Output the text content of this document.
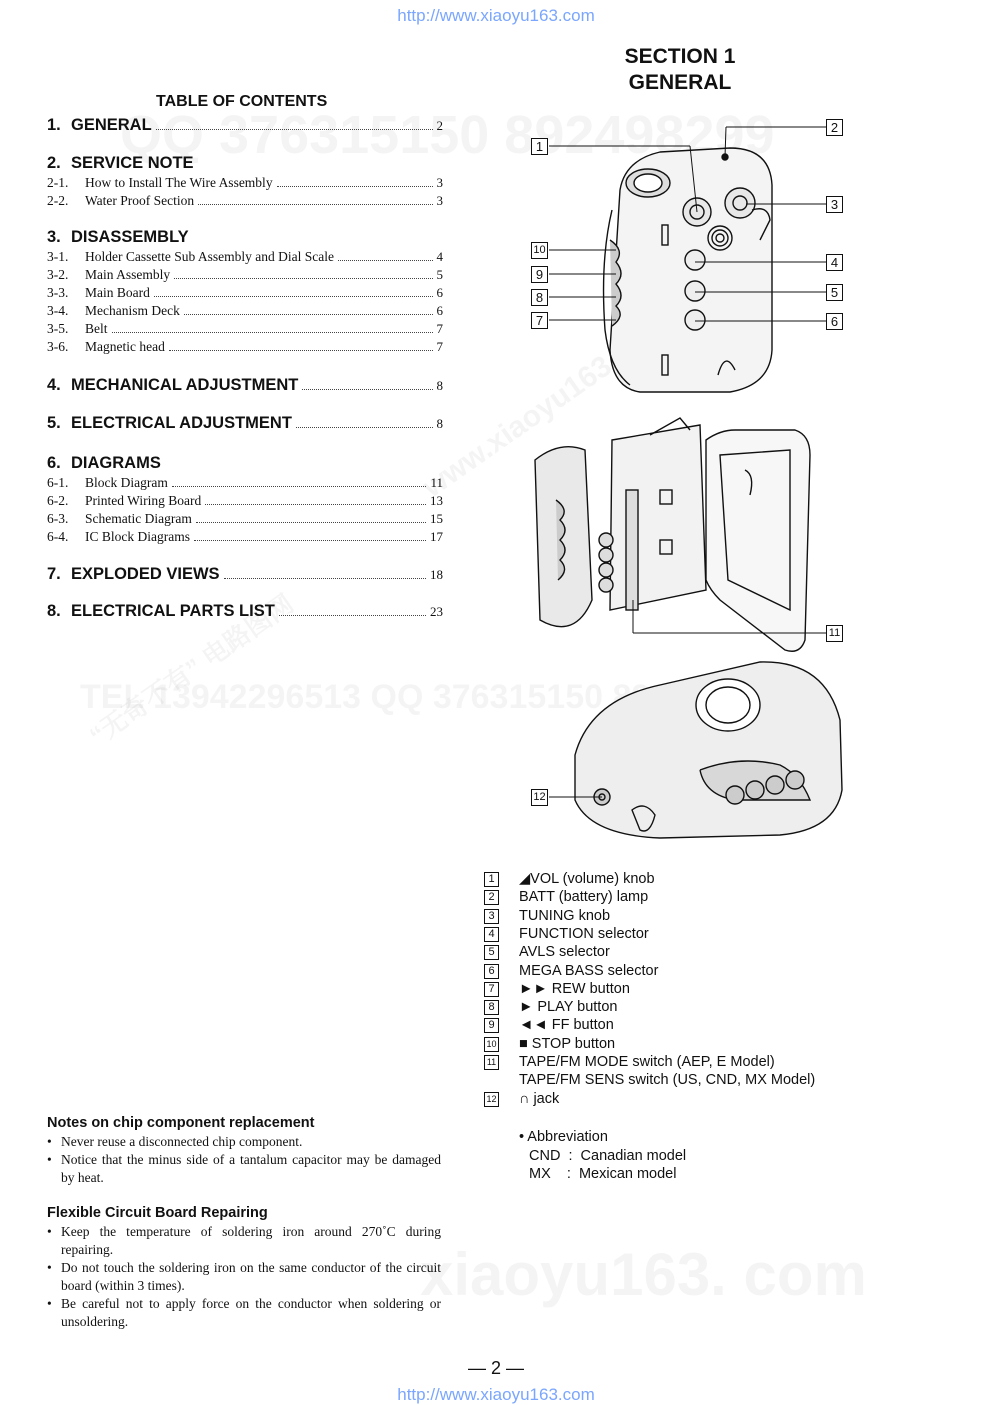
http://www.xiaoyu163.com
http://www.xiaoyu163.com
TABLE OF CONTENTS
1. GENERAL	2
2. SERVICE NOTE
2-1.	How to Install The Wire Assembly	3
2-2.	Water Proof Section	3
3. DISASSEMBLY
3-1.	Holder Cassette Sub Assembly and Dial Scale	4
3-2.	Main Assembly	5
3-3.	Main Board	6
3-4.	Mechanism Deck	6
3-5.	Belt	7
3-6.	Magnetic head	7
4. MECHANICAL ADJUSTMENT	8
5. ELECTRICAL ADJUSTMENT	8
6. DIAGRAMS
6-1.	Block Diagram	11
6-2.	Printed Wiring Board	13
6-3.	Schematic Diagram	15
6-4.	IC Block Diagrams	17
7. EXPLODED VIEWS	18
8. ELECTRICAL PARTS LIST	23
SECTION 1
GENERAL
1
2
3
4
5
6
7
8
9
10
11
12
1	◢VOL (volume) knob
2	BATT (battery) lamp
3	TUNING knob
4	FUNCTION selector
5	AVLS selector
6	MEGA BASS selector
7	►► REW button
8	► PLAY button
9	◄◄ FF button
10 ■ STOP button
11 TAPE/FM MODE switch (AEP, E Model)
TAPE/FM SENS switch (US, CND, MX Model)
12 ∩ jack
• Abbreviation
CND  :  Canadian model
MX    :  Mexican model
Notes on chip component replacement
• Never reuse a disconnected chip component.
• Notice that the minus side of a tantalum capacitor may be damaged by heat.
Flexible Circuit Board Repairing
• Keep the temperature of soldering iron around 270˚C during repairing.
• Do not touch the soldering iron on the same conductor of the circuit board (within 3 times).
• Be careful not to apply force on the conductor when soldering or unsoldering.
— 2 —
